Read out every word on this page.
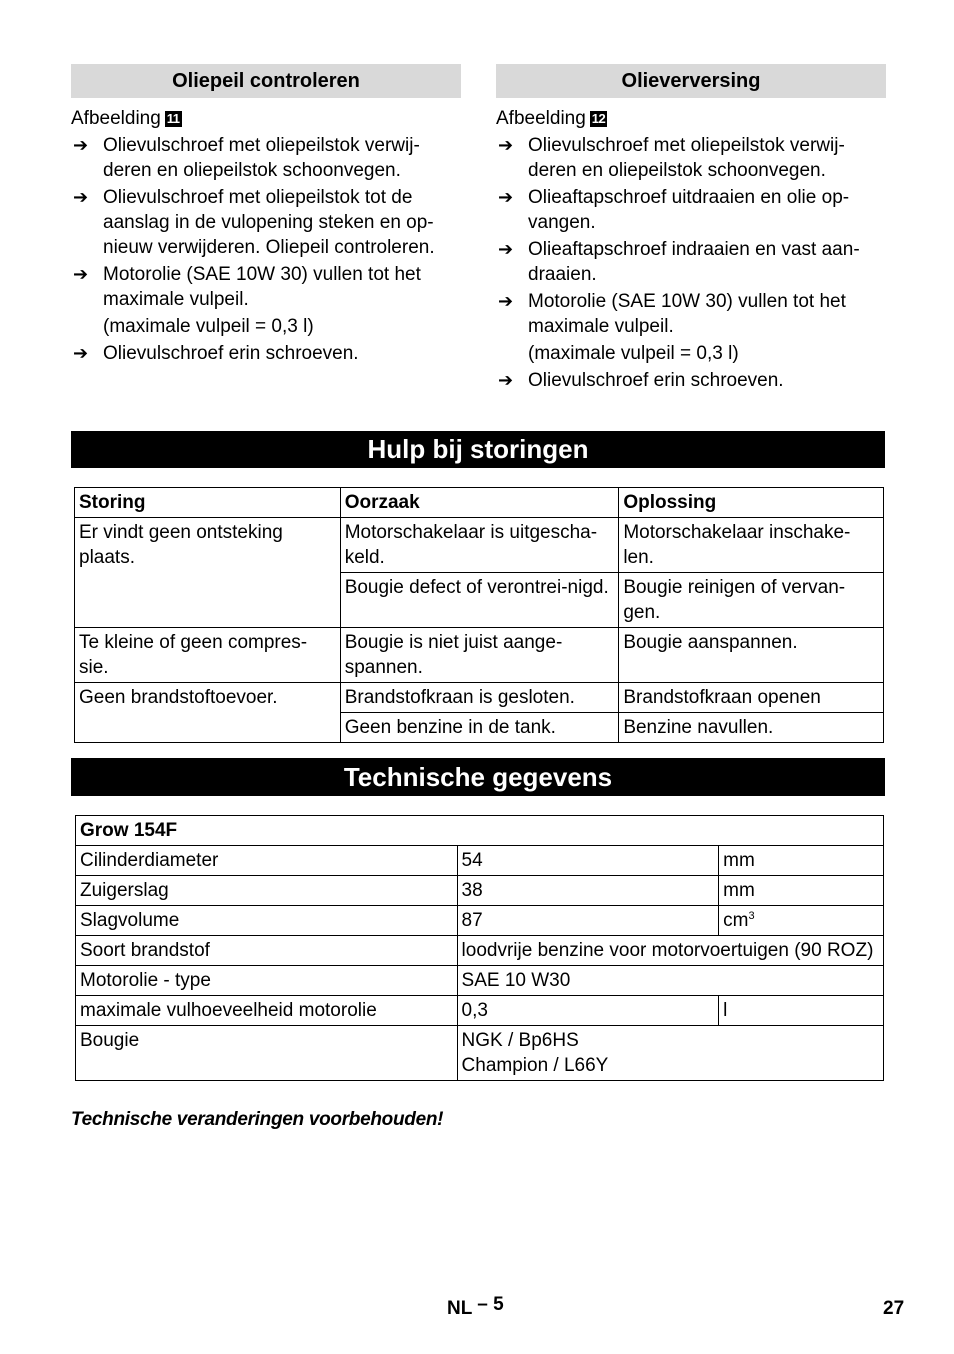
Oliepeil controleren
Afbeelding 11
➔ Olievulschroef met oliepeilstok verwij-deren en oliepeilstok schoonvegen.
➔ Olievulschroef met oliepeilstok tot de aanslag in de vulopening steken en op-nieuw verwijderen. Oliepeil controleren.
➔ Motorolie (SAE 10W 30) vullen tot het maximale vulpeil.
(maximale vulpeil = 0,3 l)
➔ Olievulschroef erin schroeven.
Olieverversing
Afbeelding 12
➔ Olievulschroef met oliepeilstok verwij-deren en oliepeilstok schoonvegen.
➔ Olieaftapschroef uitdraaien en olie op-vangen.
➔ Olieaftapschroef indraaien en vast aan-draaien.
➔ Motorolie (SAE 10W 30) vullen tot het maximale vulpeil.
(maximale vulpeil = 0,3 l)
➔ Olievulschroef erin schroeven.
Hulp bij storingen
Storing	Oorzaak	Oplossing
Er vindt geen ontsteking plaats.	Motorschakelaar is uitgescha-keld.	Motorschakelaar inschake-len.
	Bougie defect of verontrei-nigd.	Bougie reinigen of vervan-gen.
Te kleine of geen compres-sie.	Bougie is niet juist aange-spannen.	Bougie aanspannen.
Geen brandstoftoevoer.	Brandstofkraan is gesloten.	Brandstofkraan openen
	Geen benzine in de tank.	Benzine navullen.
Technische gegevens
Grow 154F		
Cilinderdiameter	54	mm
Zuigerslag	38	mm
Slagvolume	87	$cm^3$
Soort brandstof	loodvrije benzine voor motorvoertuigen (90 ROZ)	
Motorolie - type	SAE 10 W30	
maximale vulhoeveelheid motorolie	0,3	l
Bougie	NGK / Bp6HS
Champion / L66Y	
Technische veranderingen voorbehouden!
NL – 5	27
